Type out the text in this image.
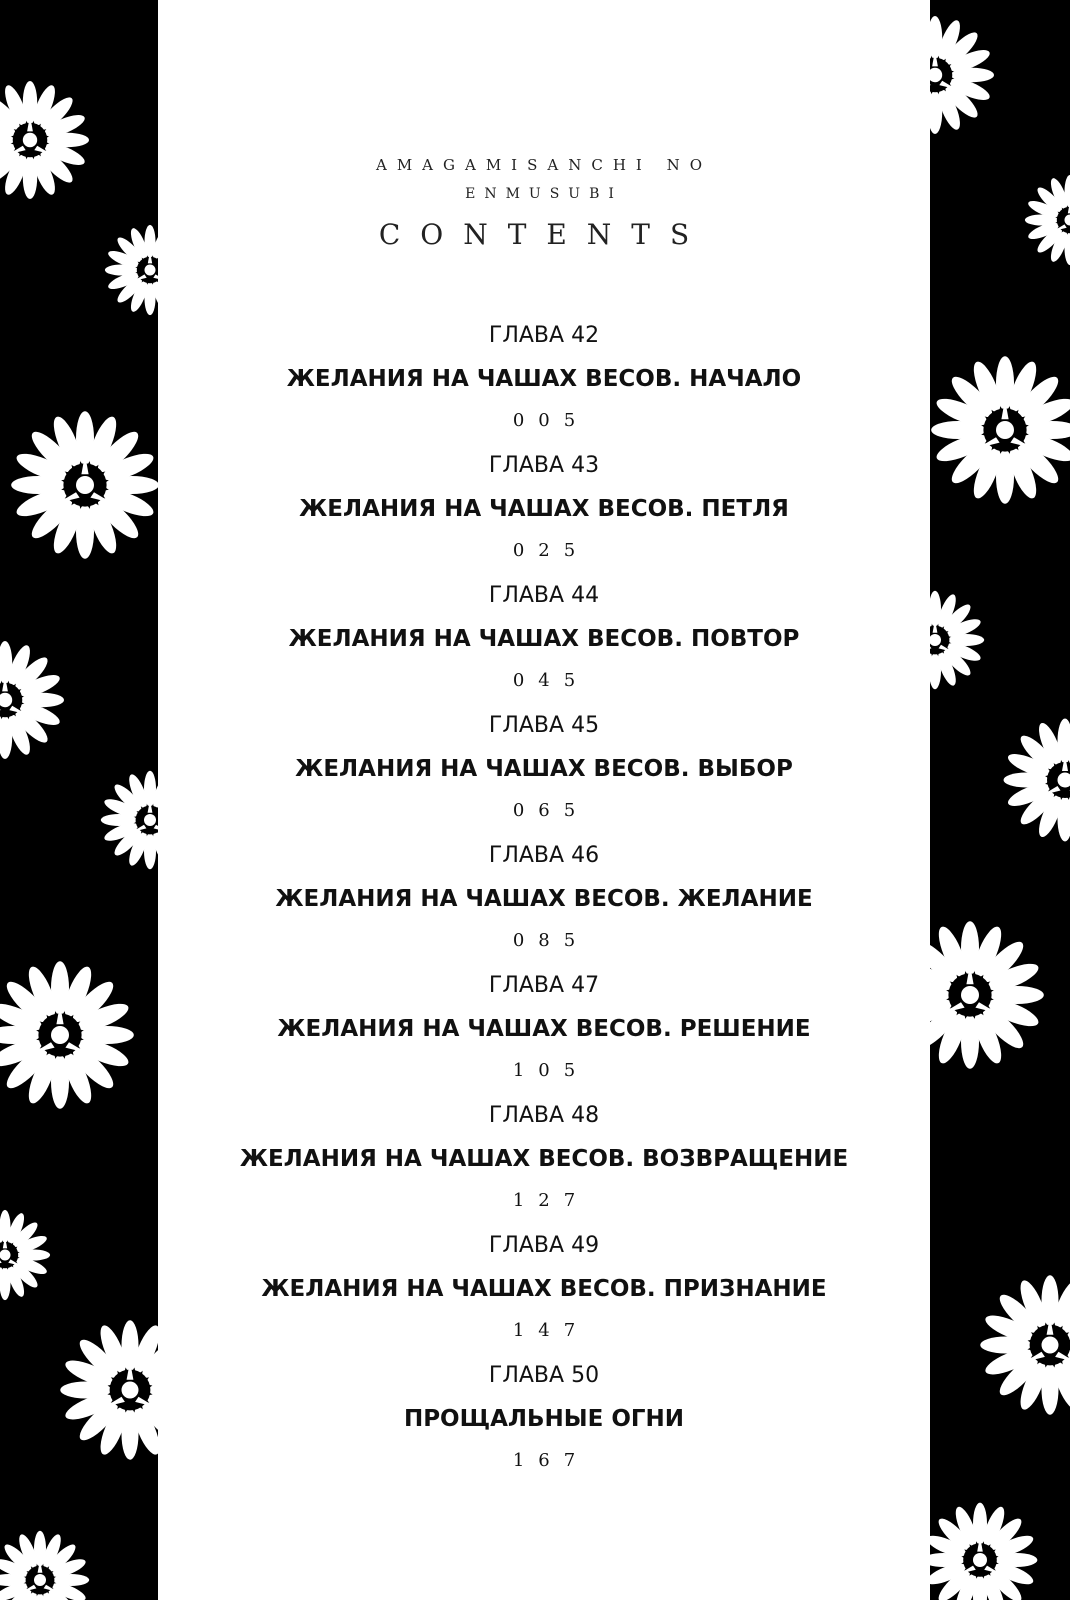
AMAGAMISANCHI NO
ENMUSUBI
CONTENTS
ГЛАВА 42
ЖЕЛАНИЯ НА ЧАШАХ ВЕСОВ. НАЧАЛО
005
ГЛАВА 43
ЖЕЛАНИЯ НА ЧАШАХ ВЕСОВ. ПЕТЛЯ
025
ГЛАВА 44
ЖЕЛАНИЯ НА ЧАШАХ ВЕСОВ. ПОВТОР
045
ГЛАВА 45
ЖЕЛАНИЯ НА ЧАШАХ ВЕСОВ. ВЫБОР
065
ГЛАВА 46
ЖЕЛАНИЯ НА ЧАШАХ ВЕСОВ. ЖЕЛАНИЕ
085
ГЛАВА 47
ЖЕЛАНИЯ НА ЧАШАХ ВЕСОВ. РЕШЕНИЕ
105
ГЛАВА 48
ЖЕЛАНИЯ НА ЧАШАХ ВЕСОВ. ВОЗВРАЩЕНИЕ
127
ГЛАВА 49
ЖЕЛАНИЯ НА ЧАШАХ ВЕСОВ. ПРИЗНАНИЕ
147
ГЛАВА 50
ПРОЩАЛЬНЫЕ ОГНИ
167
